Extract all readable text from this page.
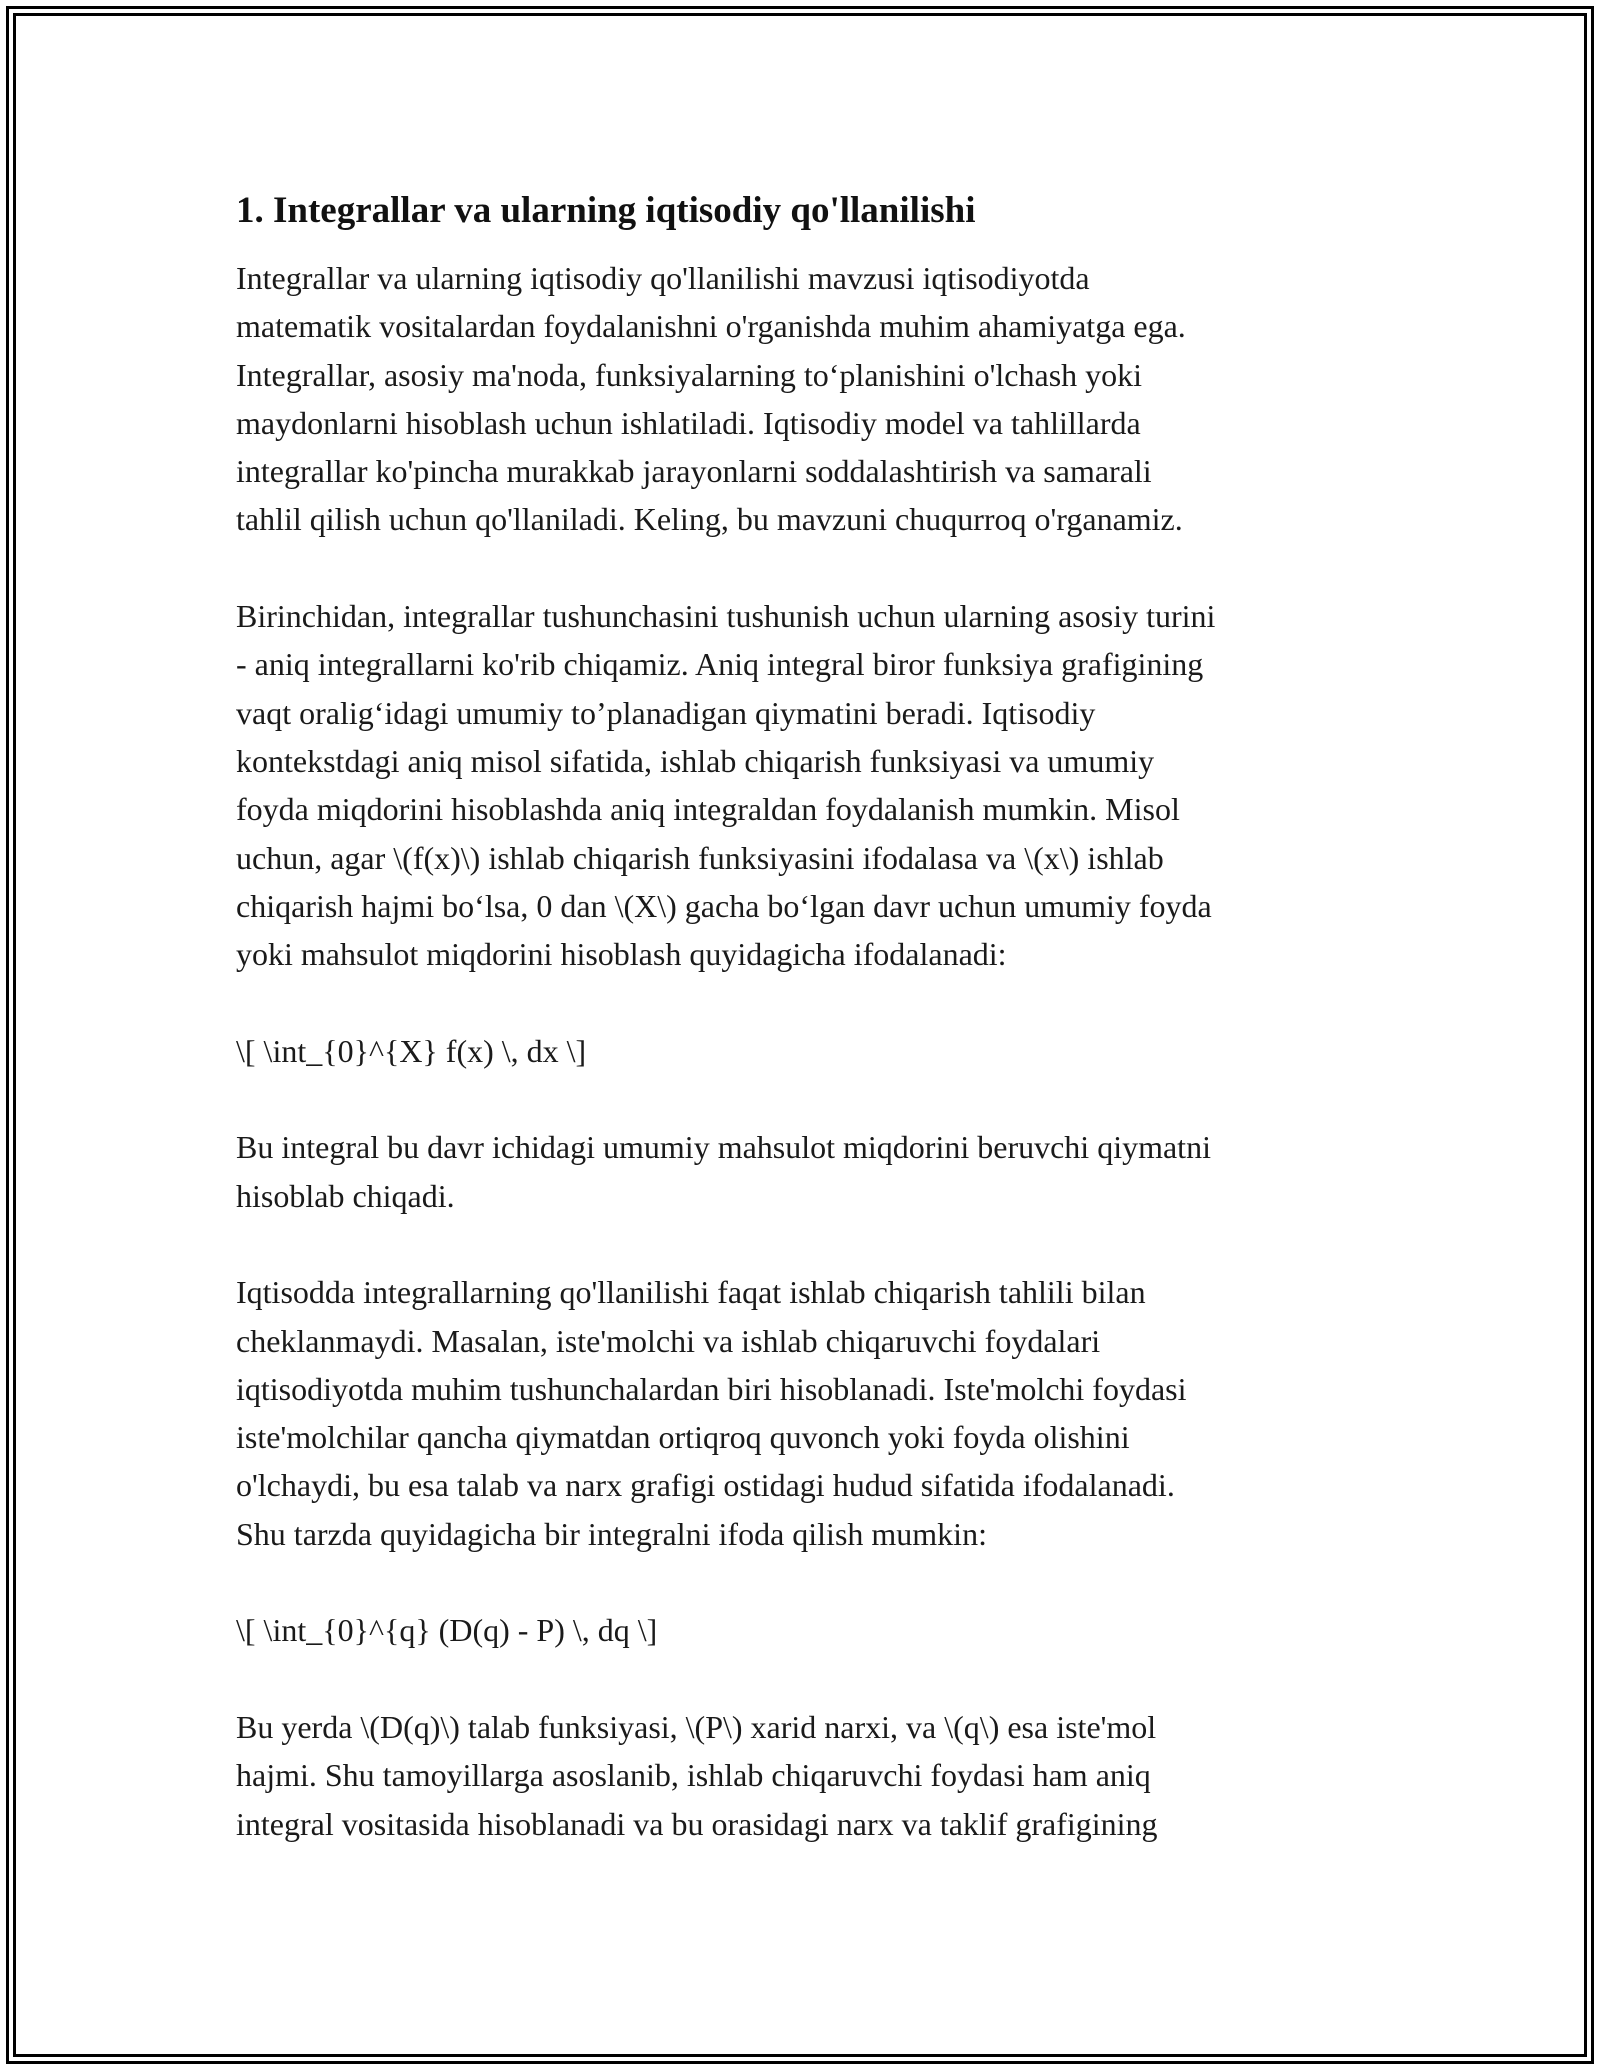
1. Integrallar va ularning iqtisodiy qo'llanilishi

Integrallar va ularning iqtisodiy qo'llanilishi mavzusi iqtisodiyotda
matematik vositalardan foydalanishni o'rganishda muhim ahamiyatga ega.
Integrallar, asosiy ma'noda, funksiyalarning to‘planishini o'lchash yoki
maydonlarni hisoblash uchun ishlatiladi. Iqtisodiy model va tahlillarda
integrallar ko'pincha murakkab jarayonlarni soddalashtirish va samarali
tahlil qilish uchun qo'llaniladi. Keling, bu mavzuni chuqurroq o'rganamiz.

Birinchidan, integrallar tushunchasini tushunish uchun ularning asosiy turini
- aniq integrallarni ko'rib chiqamiz. Aniq integral biror funksiya grafigining
vaqt oralig‘idagi umumiy to’planadigan qiymatini beradi. Iqtisodiy
kontekstdagi aniq misol sifatida, ishlab chiqarish funksiyasi va umumiy
foyda miqdorini hisoblashda aniq integraldan foydalanish mumkin. Misol
uchun, agar \(f(x)\) ishlab chiqarish funksiyasini ifodalasa va \(x\) ishlab
chiqarish hajmi bo‘lsa, 0 dan \(X\) gacha bo‘lgan davr uchun umumiy foyda
yoki mahsulot miqdorini hisoblash quyidagicha ifodalanadi:

\[ \int_{0}^{X} f(x) \, dx \]

Bu integral bu davr ichidagi umumiy mahsulot miqdorini beruvchi qiymatni
hisoblab chiqadi.

Iqtisodda integrallarning qo'llanilishi faqat ishlab chiqarish tahlili bilan
cheklanmaydi. Masalan, iste'molchi va ishlab chiqaruvchi foydalari
iqtisodiyotda muhim tushunchalardan biri hisoblanadi. Iste'molchi foydasi
iste'molchilar qancha qiymatdan ortiqroq quvonch yoki foyda olishini
o'lchaydi, bu esa talab va narx grafigi ostidagi hudud sifatida ifodalanadi.
Shu tarzda quyidagicha bir integralni ifoda qilish mumkin:

\[ \int_{0}^{q} (D(q) - P) \, dq \]

Bu yerda \(D(q)\) talab funksiyasi, \(P\) xarid narxi, va \(q\) esa iste'mol
hajmi. Shu tamoyillarga asoslanib, ishlab chiqaruvchi foydasi ham aniq
integral vositasida hisoblanadi va bu orasidagi narx va taklif grafigining
